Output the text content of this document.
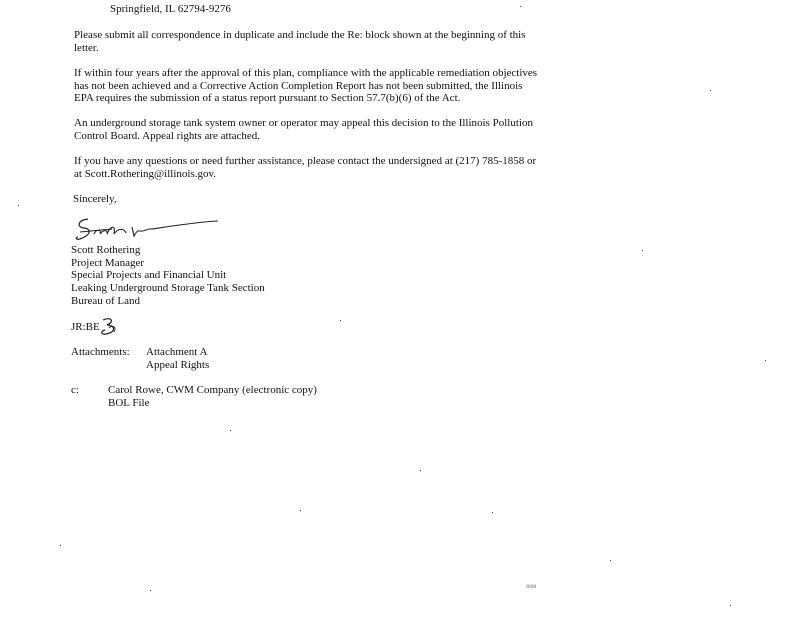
Springfield, IL 62794-9276
Please submit all correspondence in duplicate and include the Re: block shown at the beginning of this
letter.
If within four years after the approval of this plan, compliance with the applicable remediation objectives
has not been achieved and a Corrective Action Completion Report has not been submitted, the Illinois
EPA requires the submission of a status report pursuant to Section 57.7(b)(6) of the Act.
An underground storage tank system owner or operator may appeal this decision to the Illinois Pollution
Control Board. Appeal rights are attached.
If you have any questions or need further assistance, please contact the undersigned at (217) 785-1858 or
at Scott.Rothering@illinois.gov.
Sincerely,
Scott Rothering
Project Manager
Special Projects and Financial Unit
Leaking Underground Storage Tank Section
Bureau of Land
JR:BE
Attachments: Attachment A
Appeal Rights
c:	Carol Rowe, CWM Company (electronic copy)
BOL File
00194
